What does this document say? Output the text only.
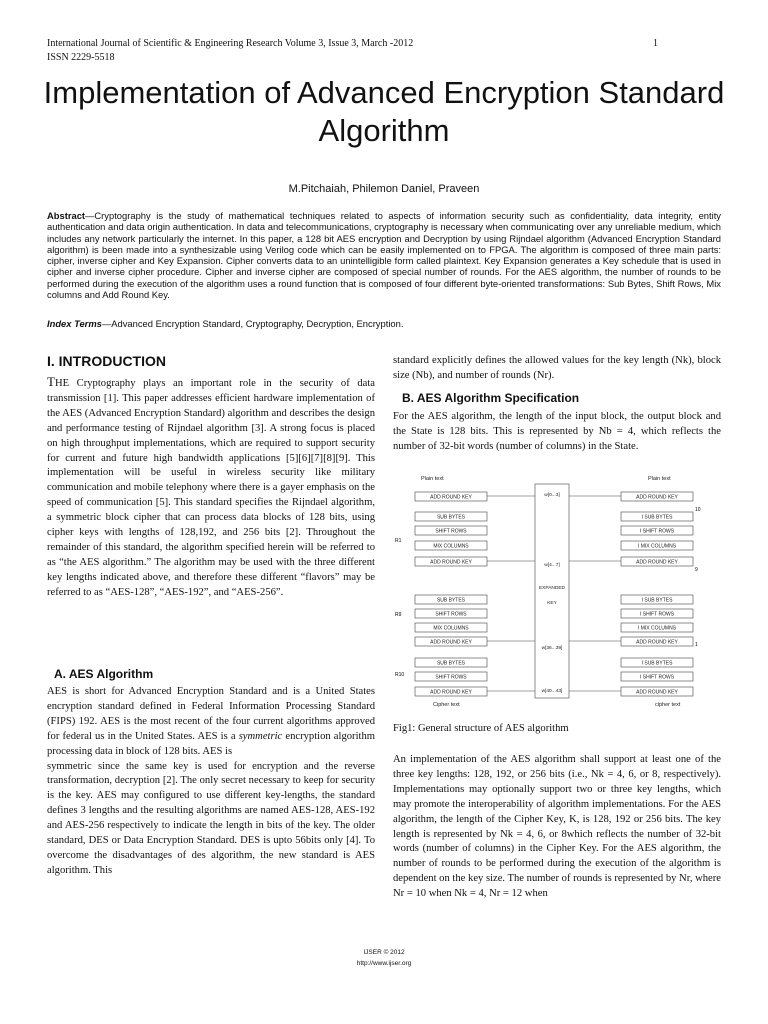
International Journal of Scientific & Engineering Research Volume 3, Issue 3, March -2012
ISSN 2229-5518
1
Implementation of Advanced Encryption Standard Algorithm
M.Pitchaiah, Philemon Daniel, Praveen
Abstract—Cryptography is the study of mathematical techniques related to aspects of information security such as confidentiality, data integrity, entity authentication and data origin authentication. In data and telecommunications, cryptography is necessary when communicating over any unreliable medium, which includes any network particularly the internet. In this paper, a 128 bit AES encryption and Decryption by using Rijndael algorithm (Advanced Encryption Standard algorithm) is been made into a synthesizable using Verilog code which can be easily implemented on to FPGA. The algorithm is composed of three main parts: cipher, inverse cipher and Key Expansion. Cipher converts data to an unintelligible form called plaintext. Key Expansion generates a Key schedule that is used in cipher and inverse cipher procedure. Cipher and inverse cipher are composed of special number of rounds. For the AES algorithm, the number of rounds to be performed during the execution of the algorithm uses a round function that is composed of four different byte-oriented transformations: Sub Bytes, Shift Rows, Mix columns and Add Round Key.
Index Terms—Advanced Encryption Standard, Cryptography, Decryption, Encryption.
I. INTRODUCTION

THE Cryptography plays an important role in the security of data transmission [1]. This paper addresses efficient hardware implementation of the AES (Advanced Encryption Standard) algorithm and describes the design and performance testing of Rijndael algorithm [3]. A strong focus is placed on high throughput implementations, which are required to support security for current and future high bandwidth applications [5][6][7][8][9]. This implementation will be useful in wireless security like military communication and mobile telephony where there is a gayer emphasis on the speed of communication [5]. This standard specifies the Rijndael algorithm, a symmetric block cipher that can process data blocks of 128 bits, using cipher keys with lengths of 128,192, and 256 bits [2]. Throughout the remainder of this standard, the algorithm specified herein will be referred to as “the AES algorithm.” The algorithm may be used with the three different key lengths indicated above, and therefore these different “flavors” may be referred to as “AES-128”, “AES-192”, and “AES-256”.

A. AES Algorithm

AES is short for Advanced Encryption Standard and is a United States encryption standard defined in Federal Information Processing Standard (FIPS) 192. AES is the most recent of the four current algorithms approved for federal us in the United States. AES is a symmetric encryption algorithm processing data in block of 128 bits. AES is

symmetric since the same key is used for encryption and the reverse transformation, decryption [2]. The only secret necessary to keep for security is the key. AES may configured to use different key-lengths, the standard defines 3 lengths and the resulting algorithms are named AES-128, AES-192 and AES-256 respectively to indicate the length in bits of the key. The older standard, DES or Data Encryption Standard. DES is upto 56bits only [4]. To overcome the disadvantages of des algorithm, the new standard is AES algorithm. This

standard explicitly defines the allowed values for the key length (Nk), block size (Nb), and number of rounds (Nr).

B. AES Algorithm Specification

For the AES algorithm, the length of the input block, the output block and the State is 128 bits. This is represented by Nb = 4, which reflects the number of 32-bit words (number of columns) in the State.

Plain text	Plain text
Cipher text	cipher text
ADD ROUND KEY
SUB BYTES
SHIFT ROWS
MIX COLUMNS
ADD ROUND KEY
SUB BYTES
SHIFT ROWS
MIX COLUMNS
ADD ROUND KEY
SUB BYTES
SHIFT ROWS
ADD ROUND KEY
ADD ROUND KEY
I SUB BYTES
I SHIFT ROWS
I MIX COLUMNS
ADD ROUND KEY
I SUB BYTES
I SHIFT ROWS
I MIX COLUMNS
ADD ROUND KEY
I SUB BYTES
I SHIFT ROWS
ADD ROUND KEY
w[0...3]
w[4...7]
EXPANDED
KEY
w[36...39]
w[40...43]
R1
R9
R10
10
9
1
Fig1: General structure of AES algorithm

An implementation of the AES algorithm shall support at least one of the three key lengths: 128, 192, or 256 bits (i.e., Nk = 4, 6, or 8, respectively). Implementations may optionally support two or three key lengths, which may promote the interoperability of algorithm implementations. For the AES algorithm, the length of the Cipher Key, K, is 128, 192 or 256 bits. The key length is represented by Nk = 4, 6, or 8which reflects the number of 32-bit words (number of columns) in the Cipher Key. For the AES algorithm, the number of rounds to be performed during the execution of the algorithm is dependent on the key size. The number of rounds is represented by Nr, where Nr = 10 when Nk = 4, Nr = 12 when

IJSER © 2012
http://www.ijser.org
